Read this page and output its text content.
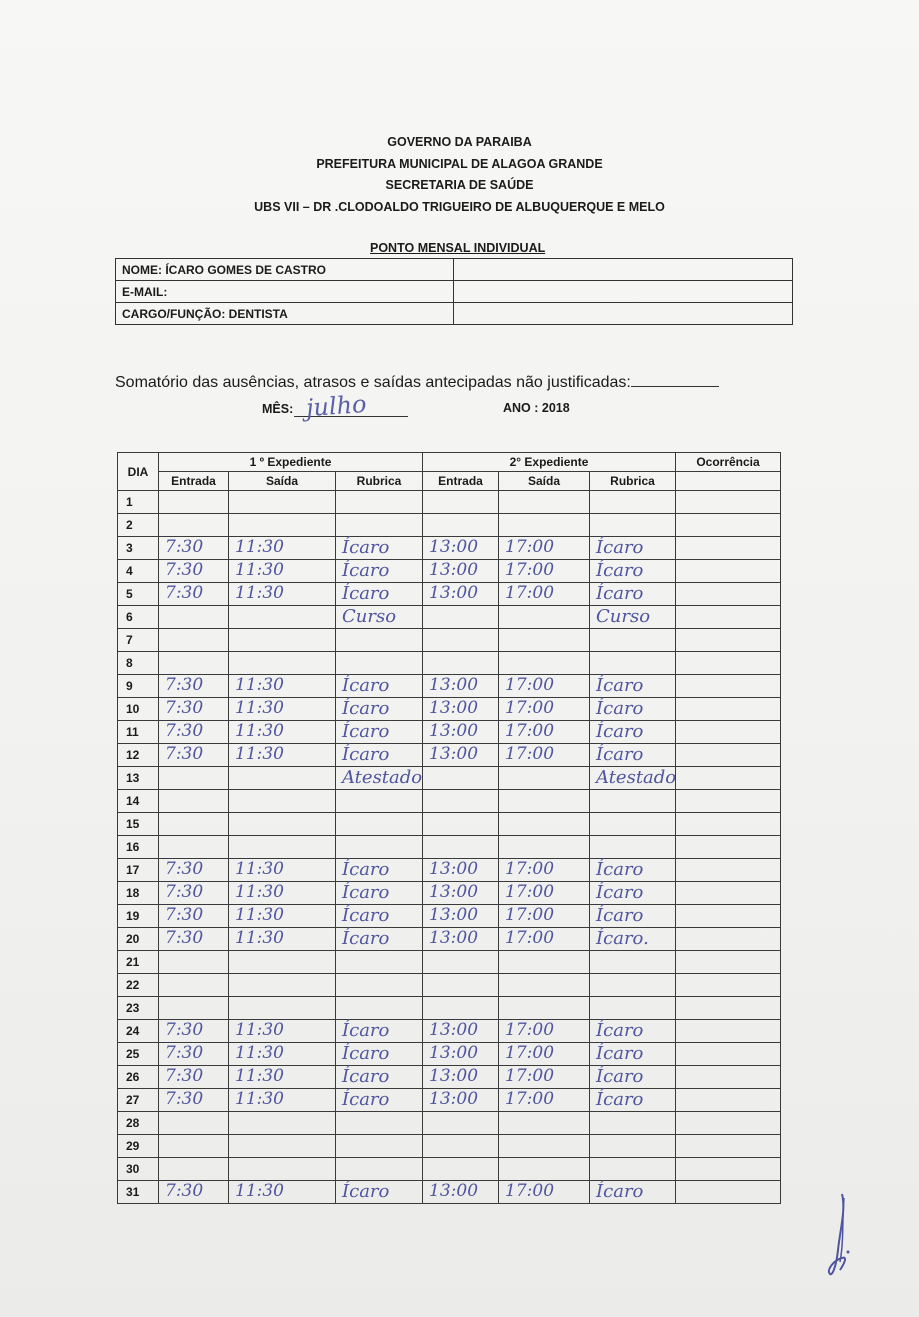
GOVERNO DA PARAIBA
PREFEITURA MUNICIPAL DE ALAGOA GRANDE
SECRETARIA DE SAÚDE
UBS VII – DR .CLODOALDO TRIGUEIRO DE ALBUQUERQUE E MELO
PONTO MENSAL INDIVIDUAL
NOME: ÍCARO GOMES DE CASTRO	
E-MAIL:	
CARGO/FUNÇÃO: DENTISTA	
Somatório das ausências, atrasos e saídas antecipadas não justificadas:
MÊS: julho	ANO : 2018
DIA	1 º Expediente			2° Expediente			Ocorrência
	Entrada	Saída	Rubrica	Entrada	Saída	Rubrica	
1	

2	

3	7:30	11:30	Ícaro	13:00	17:00	Ícaro	

4	7:30	11:30	Ícaro	13:00	17:00	Ícaro	

5	7:30	11:30	Ícaro	13:00	17:00	Ícaro	

6			Curso			Curso	

7	

8	

9	7:30	11:30	Ícaro	13:00	17:00	Ícaro	

10	7:30	11:30	Ícaro	13:00	17:00	Ícaro	

11	7:30	11:30	Ícaro	13:00	17:00	Ícaro	

12	7:30	11:30	Ícaro	13:00	17:00	Ícaro	

13			Atestado			Atestado	

14	

15	

16	

17	7:30	11:30	Ícaro	13:00	17:00	Ícaro	

18	7:30	11:30	Ícaro	13:00	17:00	Ícaro	

19	7:30	11:30	Ícaro	13:00	17:00	Ícaro	

20	7:30	11:30	Ícaro	13:00	17:00	Ícaro.	

21	

22	

23	

24	7:30	11:30	Ícaro	13:00	17:00	Ícaro	

25	7:30	11:30	Ícaro	13:00	17:00	Ícaro	

26	7:30	11:30	Ícaro	13:00	17:00	Ícaro	

27	7:30	11:30	Ícaro	13:00	17:00	Ícaro	

28	

29	

30	

31	7:30	11:30	Ícaro	13:00	17:00	Ícaro	
